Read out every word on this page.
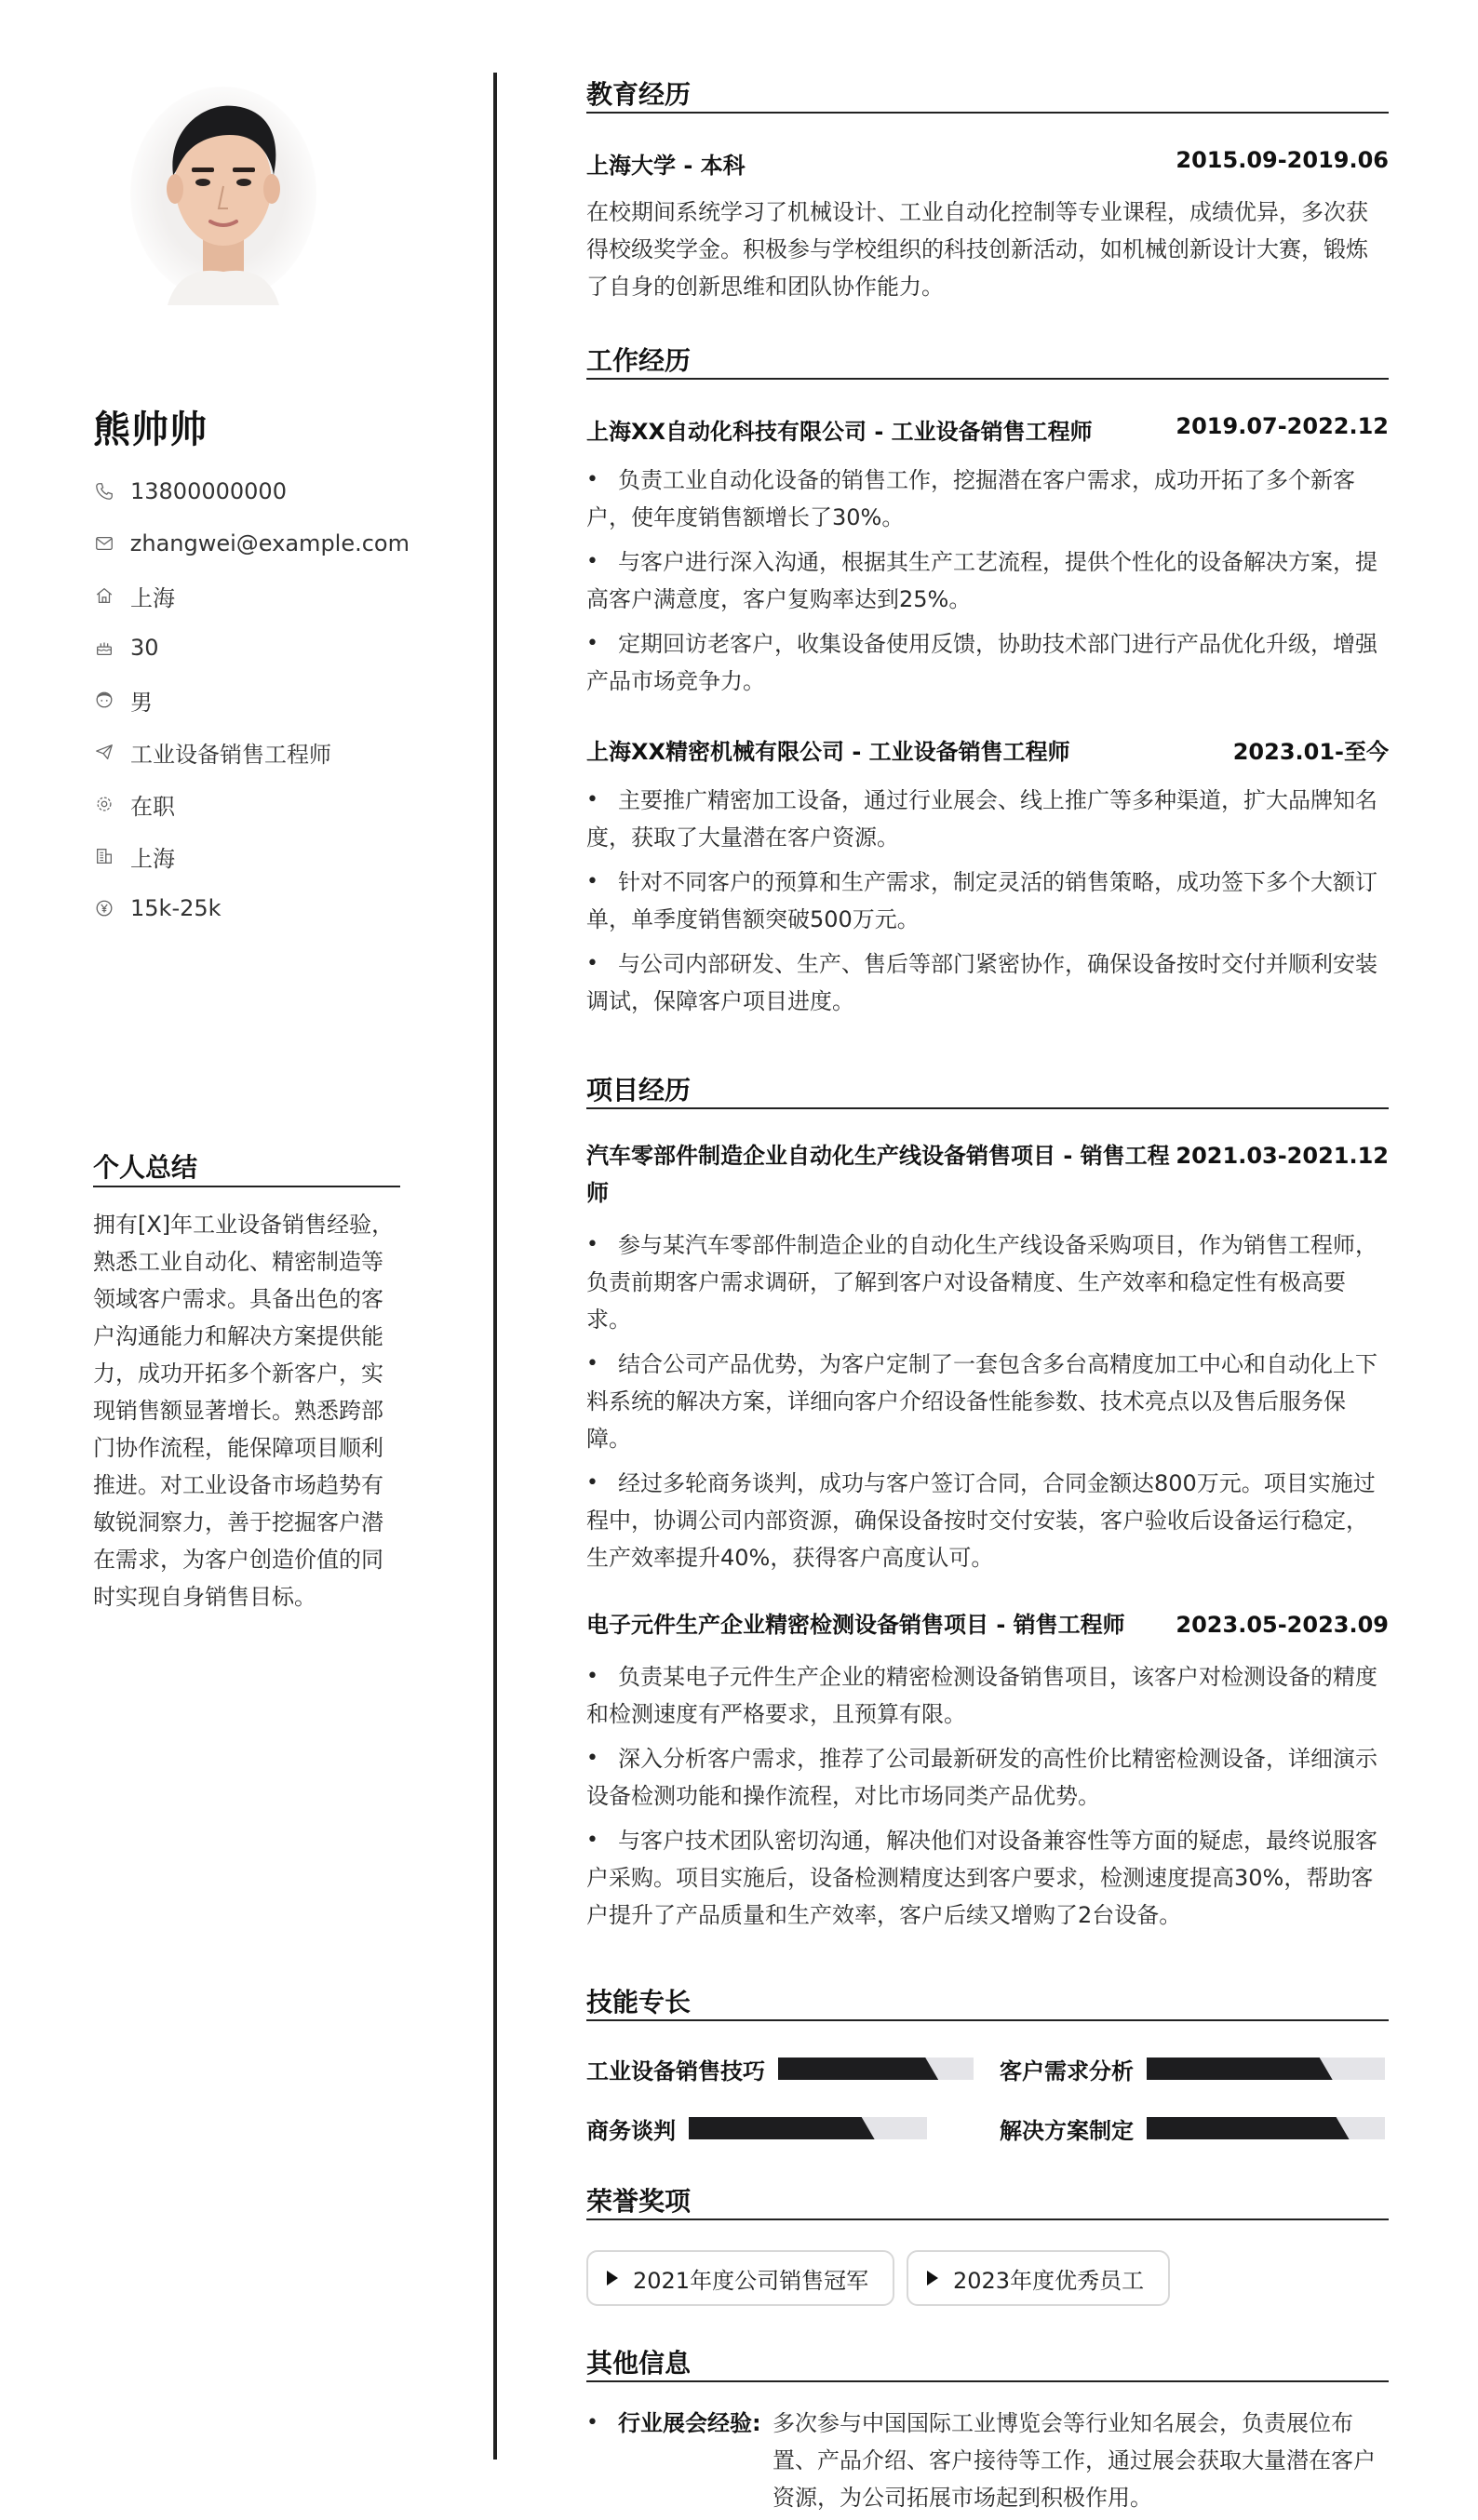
熊帅帅
13800000000
zhangwei@example.com
上海
30
男
工业设备销售工程师
在职
上海
15k-25k
个人总结
拥有[X]年工业设备销售经验，熟悉工业自动化、精密制造等领域客户需求。具备出色的客户沟通能力和解决方案提供能力，成功开拓多个新客户，实现销售额显著增长。熟悉跨部门协作流程，能保障项目顺利推进。对工业设备市场趋势有敏锐洞察力，善于挖掘客户潜在需求，为客户创造价值的同时实现自身销售目标。
教育经历
上海大学 - 本科	2015.09-2019.06
在校期间系统学习了机械设计、工业自动化控制等专业课程，成绩优异，多次获得校级奖学金。积极参与学校组织的科技创新活动，如机械创新设计大赛，锻炼了自身的创新思维和团队协作能力。
工作经历
上海XX自动化科技有限公司 - 工业设备销售工程师	2019.07-2022.12
• 负责工业自动化设备的销售工作，挖掘潜在客户需求，成功开拓了多个新客户，使年度销售额增长了30%。
• 与客户进行深入沟通，根据其生产工艺流程，提供个性化的设备解决方案，提高客户满意度，客户复购率达到25%。
• 定期回访老客户，收集设备使用反馈，协助技术部门进行产品优化升级，增强产品市场竞争力。
上海XX精密机械有限公司 - 工业设备销售工程师	2023.01-至今
• 主要推广精密加工设备，通过行业展会、线上推广等多种渠道，扩大品牌知名度，获取了大量潜在客户资源。
• 针对不同客户的预算和生产需求，制定灵活的销售策略，成功签下多个大额订单，单季度销售额突破500万元。
• 与公司内部研发、生产、售后等部门紧密协作，确保设备按时交付并顺利安装调试，保障客户项目进度。
项目经历
汽车零部件制造企业自动化生产线设备销售项目 - 销售工程师
2021.03-2021.12
• 参与某汽车零部件制造企业的自动化生产线设备采购项目，作为销售工程师，负责前期客户需求调研，了解到客户对设备精度、生产效率和稳定性有极高要求。
• 结合公司产品优势，为客户定制了一套包含多台高精度加工中心和自动化上下料系统的解决方案，详细向客户介绍设备性能参数、技术亮点以及售后服务保障。
• 经过多轮商务谈判，成功与客户签订合同，合同金额达800万元。项目实施过程中，协调公司内部资源，确保设备按时交付安装，客户验收后设备运行稳定，生产效率提升40%，获得客户高度认可。
电子元件生产企业精密检测设备销售项目 - 销售工程师 2023.05-2023.09
• 负责某电子元件生产企业的精密检测设备销售项目，该客户对检测设备的精度和检测速度有严格要求，且预算有限。
• 深入分析客户需求，推荐了公司最新研发的高性价比精密检测设备，详细演示设备检测功能和操作流程，对比市场同类产品优势。
• 与客户技术团队密切沟通，解决他们对设备兼容性等方面的疑虑，最终说服客户采购。项目实施后，设备检测精度达到客户要求，检测速度提高30%，帮助客户提升了产品质量和生产效率，客户后续又增购了2台设备。
技能专长
工业设备销售技巧	客户需求分析
商务谈判	解决方案制定
荣誉奖项
2021年度公司销售冠军	2023年度优秀员工
其他信息
• 行业展会经验: 多次参与中国国际工业博览会等行业知名展会，负责展位布置、产品介绍、客户接待等工作，通过展会获取大量潜在客户资源，为公司拓展市场起到积极作用。
